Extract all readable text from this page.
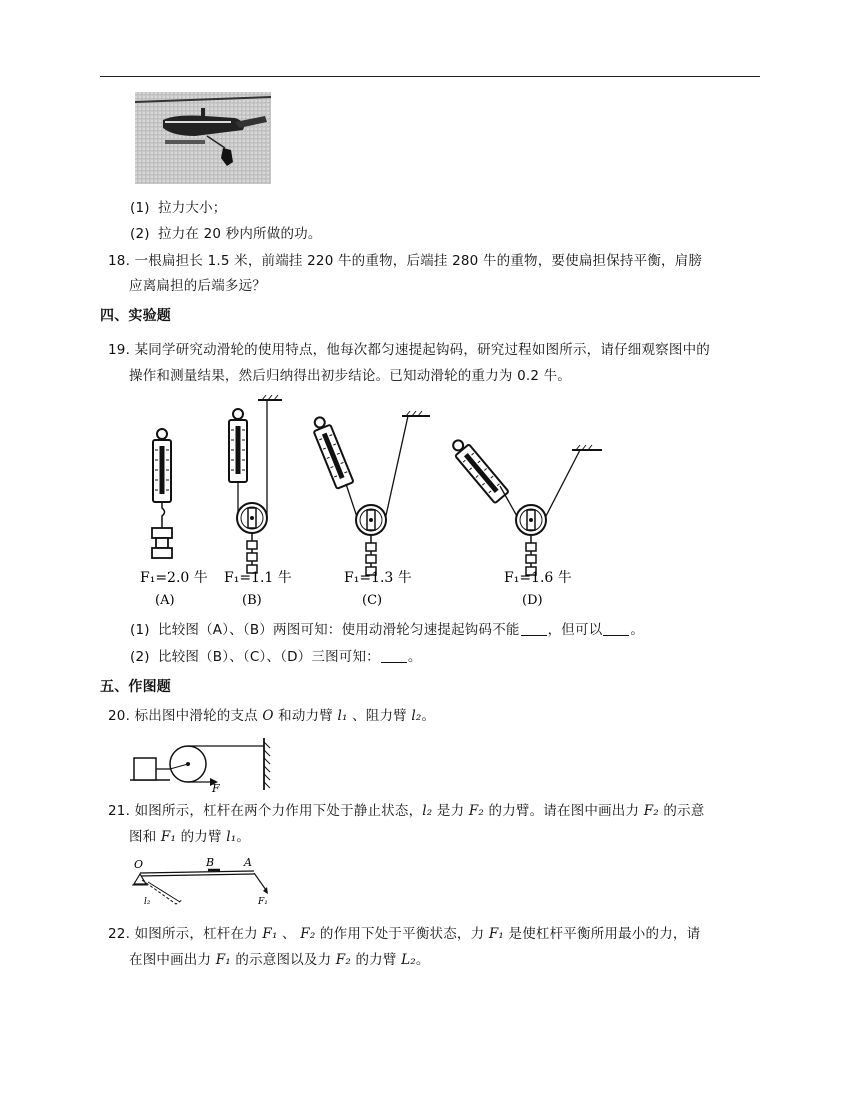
(1) 拉力大小；
(2) 拉力在 20 秒内所做的功。
18. 一根扁担长 1.5 米，前端挂 220 牛的重物，后端挂 280 牛的重物，要使扁担保持平衡，肩膀
应离扁担的后端多远？
四、实验题
19. 某同学研究动滑轮的使用特点，他每次都匀速提起钩码，研究过程如图所示，请仔细观察图中的
操作和测量结果，然后归纳得出初步结论。已知动滑轮的重力为 0.2 牛。
F₁=2.0 牛
(A)
F₁=1.1 牛
(B)
F₁=1.3 牛
(C)
F₁=1.6 牛
(D)
(1) 比较图（A）、（B）两图可知：使用动滑轮匀速提起钩码不能 ，但可以 。
(2) 比较图（B）、（C）、（D）三图可知： 。
五、作图题
20. 标出图中滑轮的支点 O 和动力臂 l₁ 、阻力臂 l₂。
F
21. 如图所示，杠杆在两个力作用下处于静止状态，l₂ 是力 F₂ 的力臂。请在图中画出力 F₂ 的示意
图和 F₁ 的力臂 l₁。
O	B	A
l₂	F₁
22. 如图所示，杠杆在力 F₁ 、 F₂ 的作用下处于平衡状态，力 F₁ 是使杠杆平衡所用最小的力，请
在图中画出力 F₁ 的示意图以及力 F₂ 的力臂 L₂。
